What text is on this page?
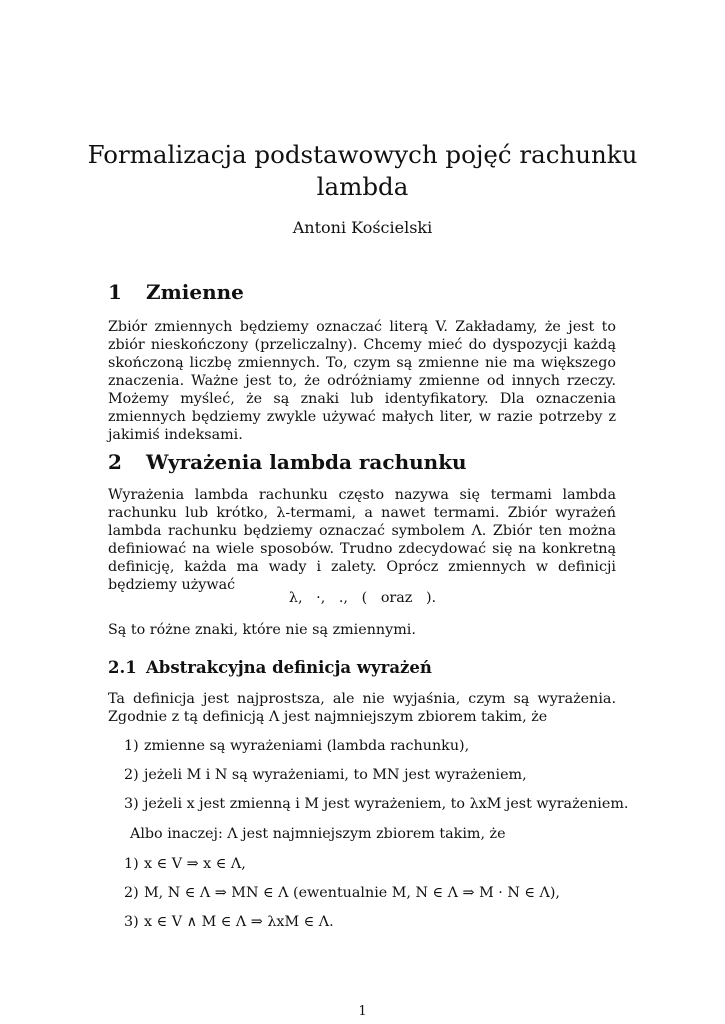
Formalizacja podstawowych pojęć rachunku
lambda
Antoni Kościelski
1 Zmienne

Zbiór zmiennych będziemy oznaczać literą V. Zakładamy, że jest to zbiór nieskończony (przeliczalny). Chcemy mieć do dyspozycji każdą skończoną liczbę zmiennych. To, czym są zmienne nie ma większego znaczenia. Ważne jest to, że odróżniamy zmienne od innych rzeczy. Możemy myśleć, że są znaki lub identyfikatory. Dla oznaczenia zmiennych będziemy zwykle używać małych liter, w razie potrzeby z jakimiś indeksami.

2 Wyrażenia lambda rachunku

Wyrażenia lambda rachunku często nazywa się termami lambda rachunku lub krótko, λ-termami, a nawet termami. Zbiór wyrażeń lambda rachunku będziemy oznaczać symbolem Λ. Zbiór ten można definiować na wiele sposobów. Trudno zdecydować się na konkretną definicję, każda ma wady i zalety. Oprócz zmiennych w definicji będziemy używać

λ,   ·,   .,   (   oraz   ).
Są to różne znaki, które nie są zmiennymi.
2.1 Abstrakcyjna definicja wyrażeń

Ta definicja jest najprostsza, ale nie wyjaśnia, czym są wyrażenia. Zgodnie z tą definicją Λ jest najmniejszym zbiorem takim, że

1) zmienne są wyrażeniami (lambda rachunku),
2) jeżeli M i N są wyrażeniami, to MN jest wyrażeniem,
3) jeżeli x jest zmienną i M jest wyrażeniem, to λxM jest wyrażeniem.
Albo inaczej: Λ jest najmniejszym zbiorem takim, że
1) x ∈ V ⇒ x ∈ Λ,
2) M, N ∈ Λ ⇒ MN ∈ Λ (ewentualnie M, N ∈ Λ ⇒ M · N ∈ Λ),
3) x ∈ V ∧ M ∈ Λ ⇒ λxM ∈ Λ.
1
